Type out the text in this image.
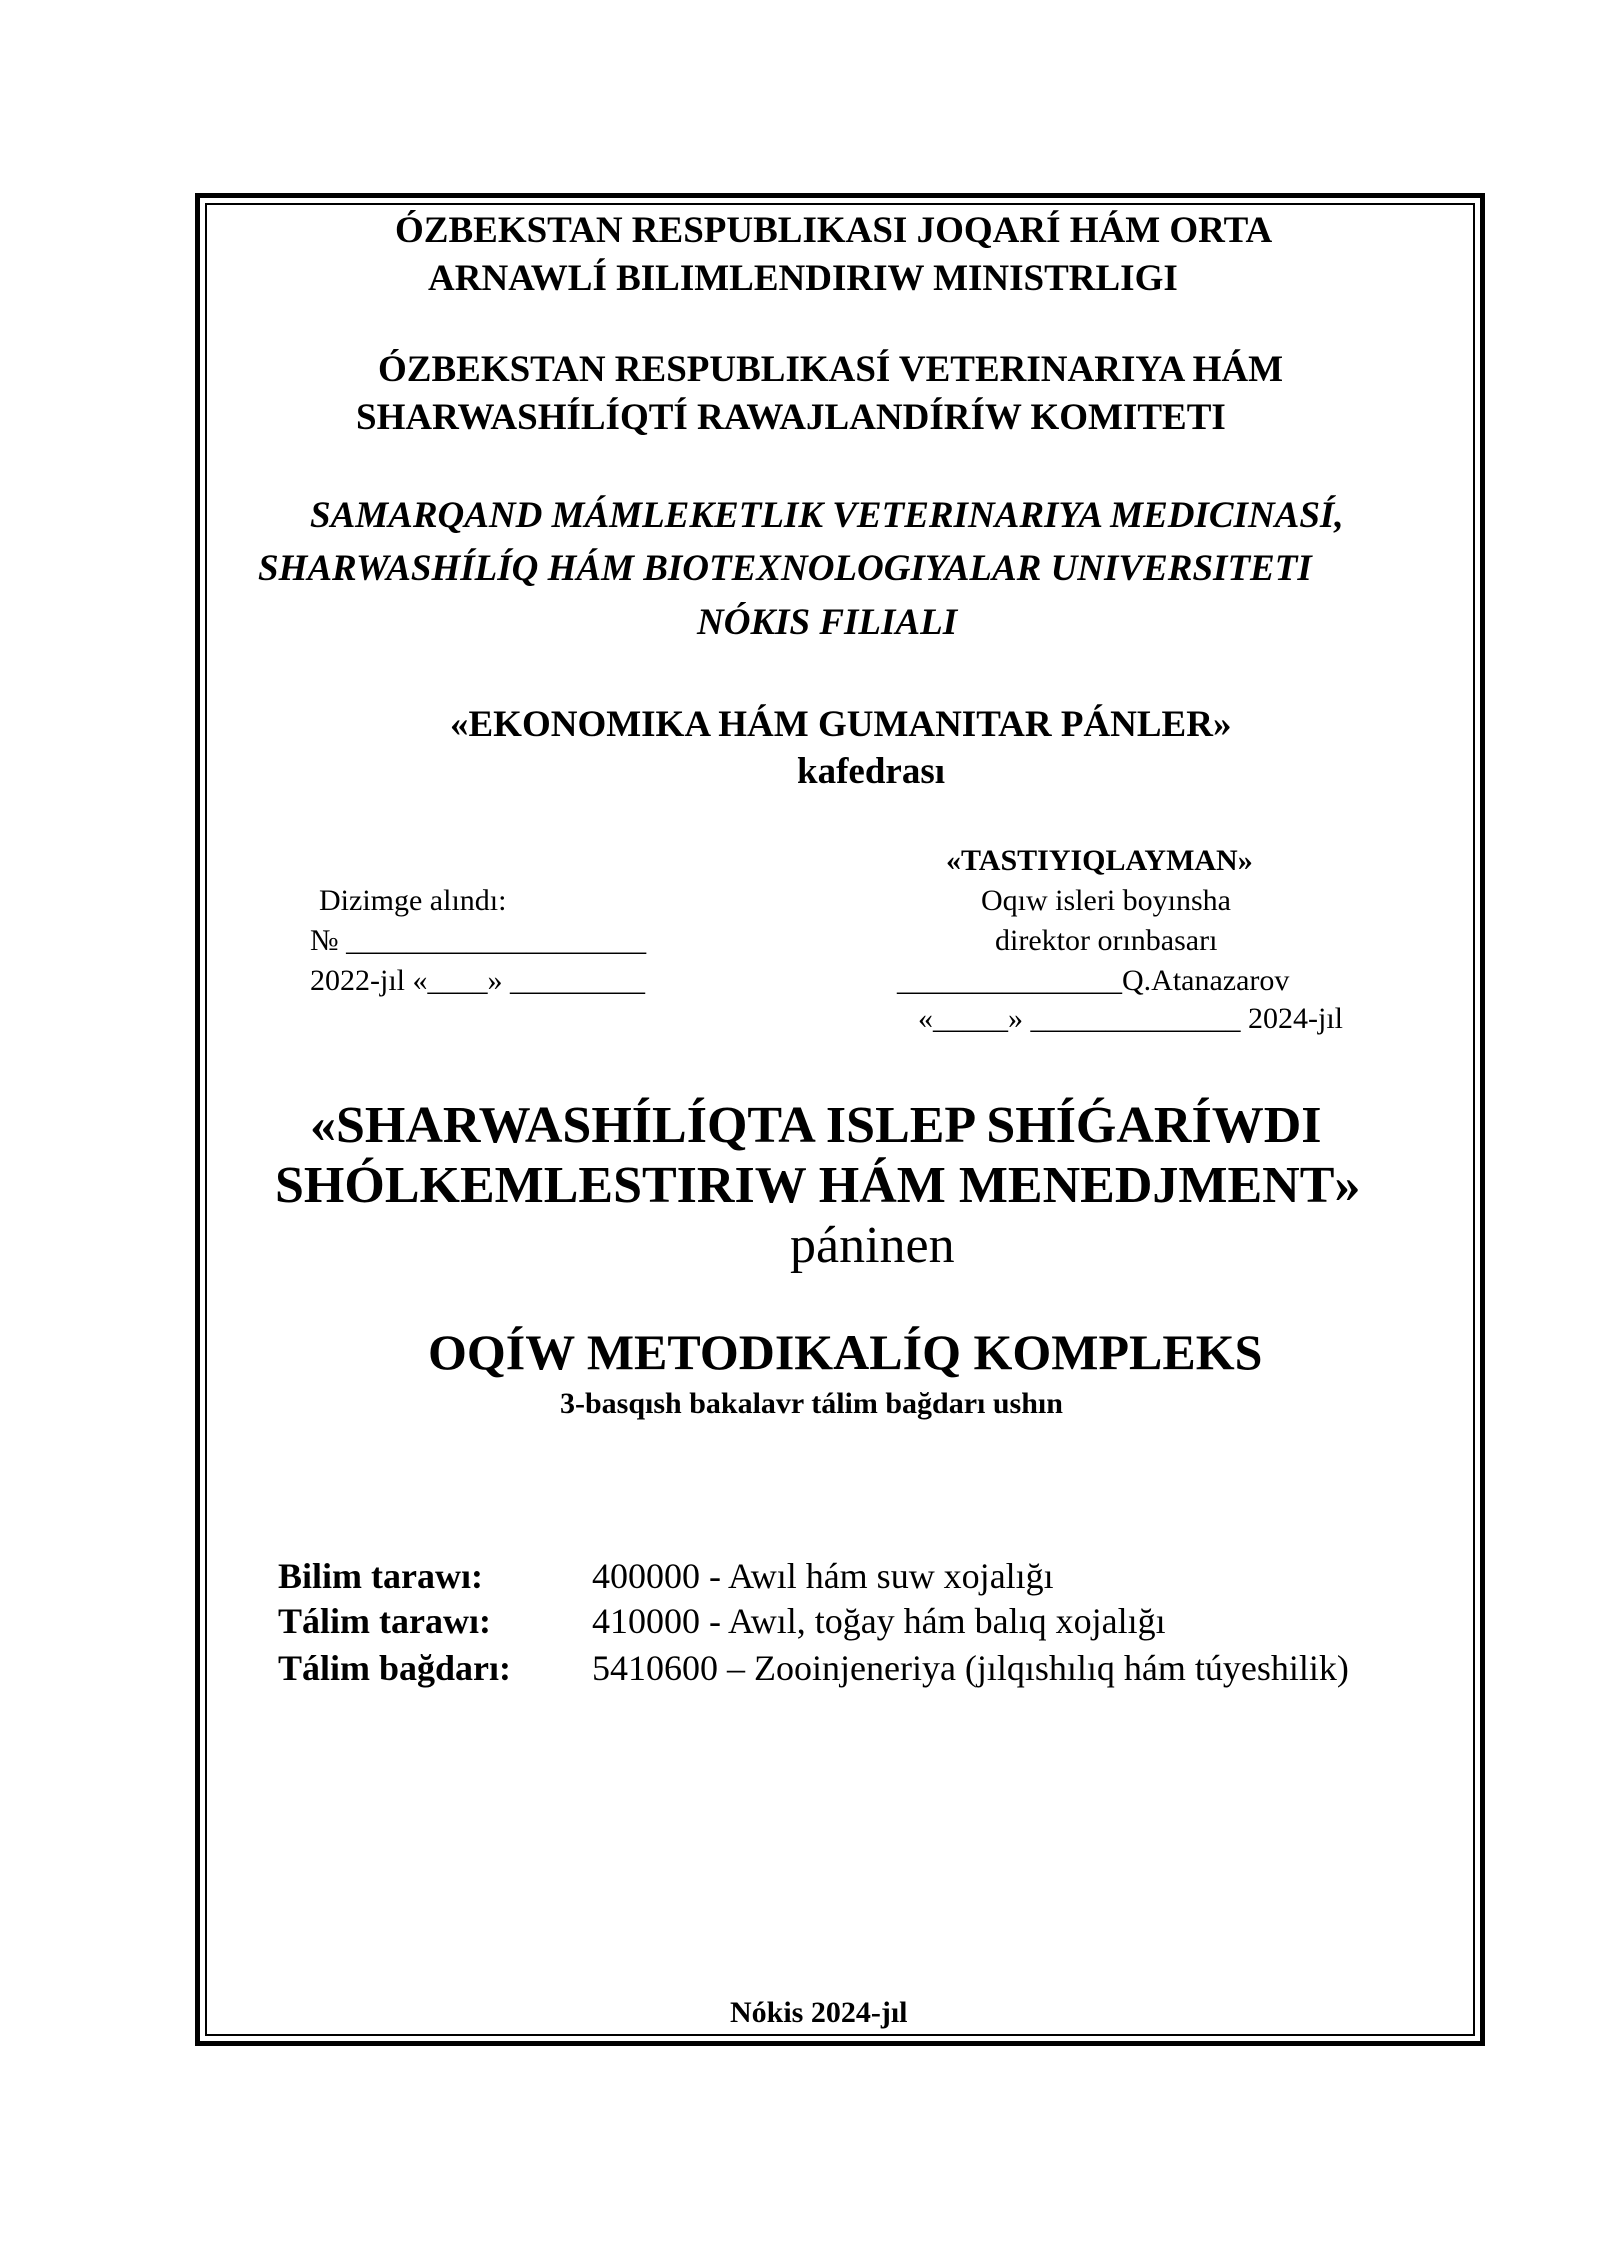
ÓZBEKSTAN RESPUBLIKASI JOQARÍ HÁM ORTA
ARNAWLÍ BILIMLENDIRIW MINISTRLIGI
ÓZBEKSTAN RESPUBLIKASÍ VETERINARIYA HÁM
SHARWASHÍLÍQTÍ RAWAJLANDÍRÍW KOMITETI
SAMARQAND MÁMLEKETLIK VETERINARIYA MEDICINASÍ,
SHARWASHÍLÍQ HÁM BIOTEXNOLOGIYALAR UNIVERSITETI
NÓKIS FILIALI
«EKONOMIKA HÁM GUMANITAR PÁNLER»
kafedrası
«TASTIYIQLAYMAN»
Dizimge alındı:	Oqıw isleri boyınsha
№ ____________________	direktor orınbasarı
2022-jıl «____» _________	_______________Q.Atanazarov
«_____» ______________ 2024-jıl
«SHARWASHÍLÍQTA ISLEP SHÍǴARÍWDI
SHÓLKEMLESTIRIW HÁM MENEDJMENT»
páninen
OQÍW METODIKALÍQ KOMPLEKS
3-basqısh bakalavr tálim bağdarı ushın
Bilim tarawı:	400000 - Awıl hám suw xojalığı
Tálim tarawı:	410000 - Awıl, toğay hám balıq xojalığı
Tálim bağdarı: 5410600 – Zooinjeneriya (jılqıshılıq hám túyeshilik)
Nókis 2024-jıl
